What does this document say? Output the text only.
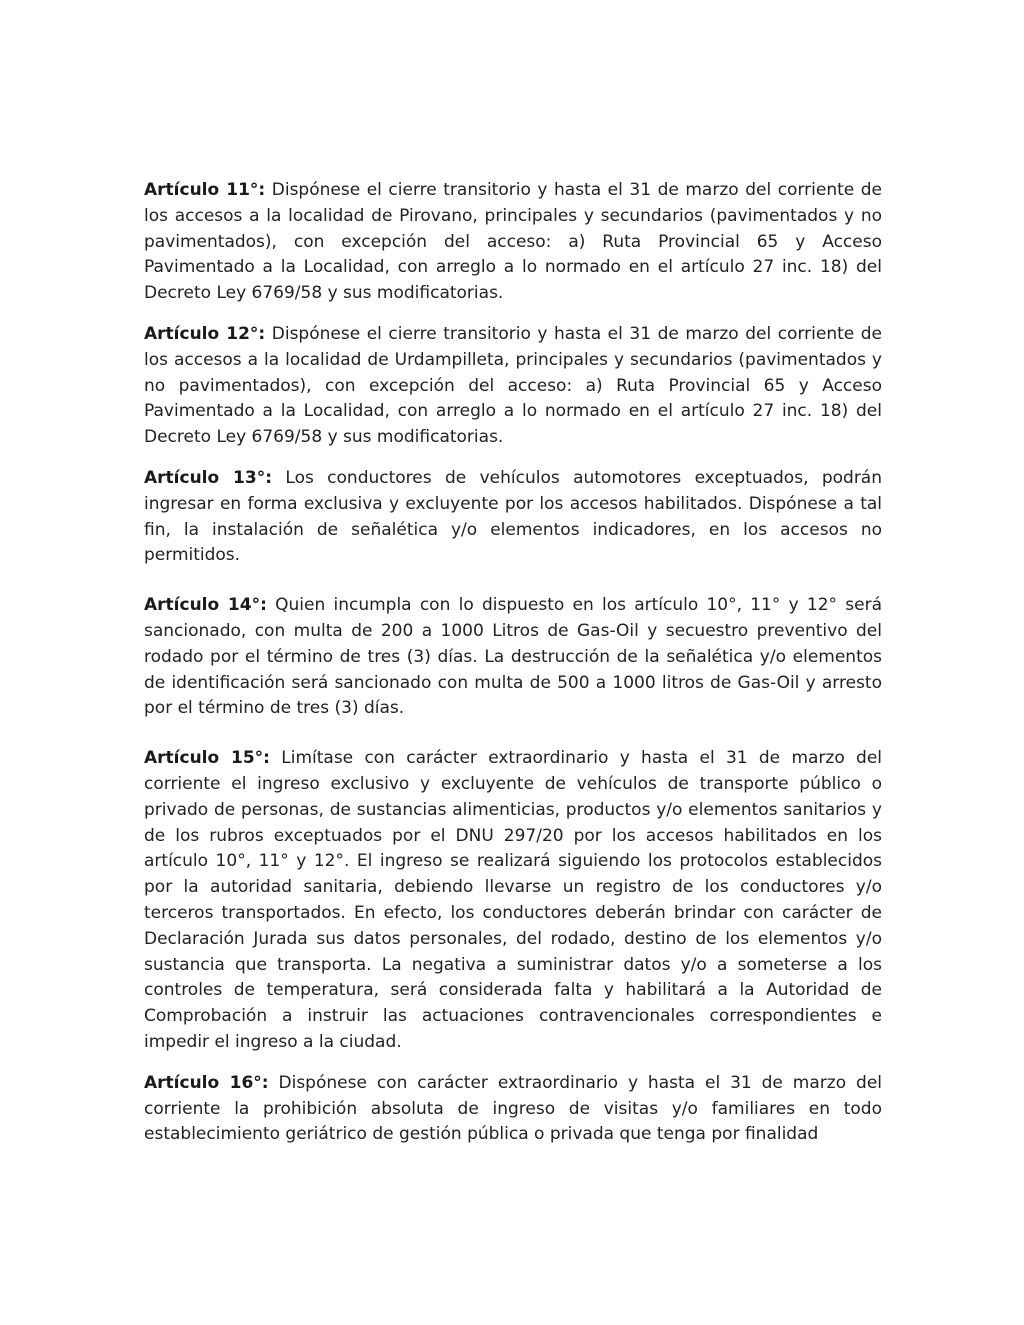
Artículo 11°: Dispónese el cierre transitorio y hasta el 31 de marzo del corriente de los accesos a la localidad de Pirovano, principales y secundarios (pavimentados y no pavimentados), con excepción del acceso: a) Ruta Provincial 65 y Acceso Pavimentado a la Localidad, con arreglo a lo normado en el artículo 27 inc. 18) del Decreto Ley 6769/58 y sus modificatorias.

Artículo 12°: Dispónese el cierre transitorio y hasta el 31 de marzo del corriente de los accesos a la localidad de Urdampilleta, principales y secundarios (pavimentados y no pavimentados), con excepción del acceso: a) Ruta Provincial 65 y Acceso Pavimentado a la Localidad, con arreglo a lo normado en el artículo 27 inc. 18) del Decreto Ley 6769/58 y sus modificatorias.

Artículo 13°: Los conductores de vehículos automotores exceptuados, podrán ingresar en forma exclusiva y excluyente por los accesos habilitados. Dispónese a tal fin, la instalación de señalética y/o elementos indicadores, en los accesos no permitidos.

Artículo 14°: Quien incumpla con lo dispuesto en los artículo 10°, 11° y 12° será sancionado, con multa de 200 a 1000 Litros de Gas-Oil y secuestro preventivo del rodado por el término de tres (3) días. La destrucción de la señalética y/o elementos de identificación será sancionado con multa de 500 a 1000 litros de Gas-Oil y arresto por el término de tres (3) días.

Artículo 15°: Limítase con carácter extraordinario y hasta el 31 de marzo del corriente el ingreso exclusivo y excluyente de vehículos de transporte público o privado de personas, de sustancias alimenticias, productos y/o elementos sanitarios y de los rubros exceptuados por el DNU 297/20 por los accesos habilitados en los artículo 10°, 11° y 12°. El ingreso se realizará siguiendo los protocolos establecidos por la autoridad sanitaria, debiendo llevarse un registro de los conductores y/o terceros transportados. En efecto, los conductores deberán brindar con carácter de Declaración Jurada sus datos personales, del rodado, destino de los elementos y/o sustancia que transporta. La negativa a suministrar datos y/o a someterse a los controles de temperatura, será considerada falta y habilitará a la Autoridad de Comprobación a instruir las actuaciones contravencionales correspondientes e impedir el ingreso a la ciudad.

Artículo 16°: Dispónese con carácter extraordinario y hasta el 31 de marzo del corriente la prohibición absoluta de ingreso de visitas y/o familiares en todo establecimiento geriátrico de gestión pública o privada que tenga por finalidad
